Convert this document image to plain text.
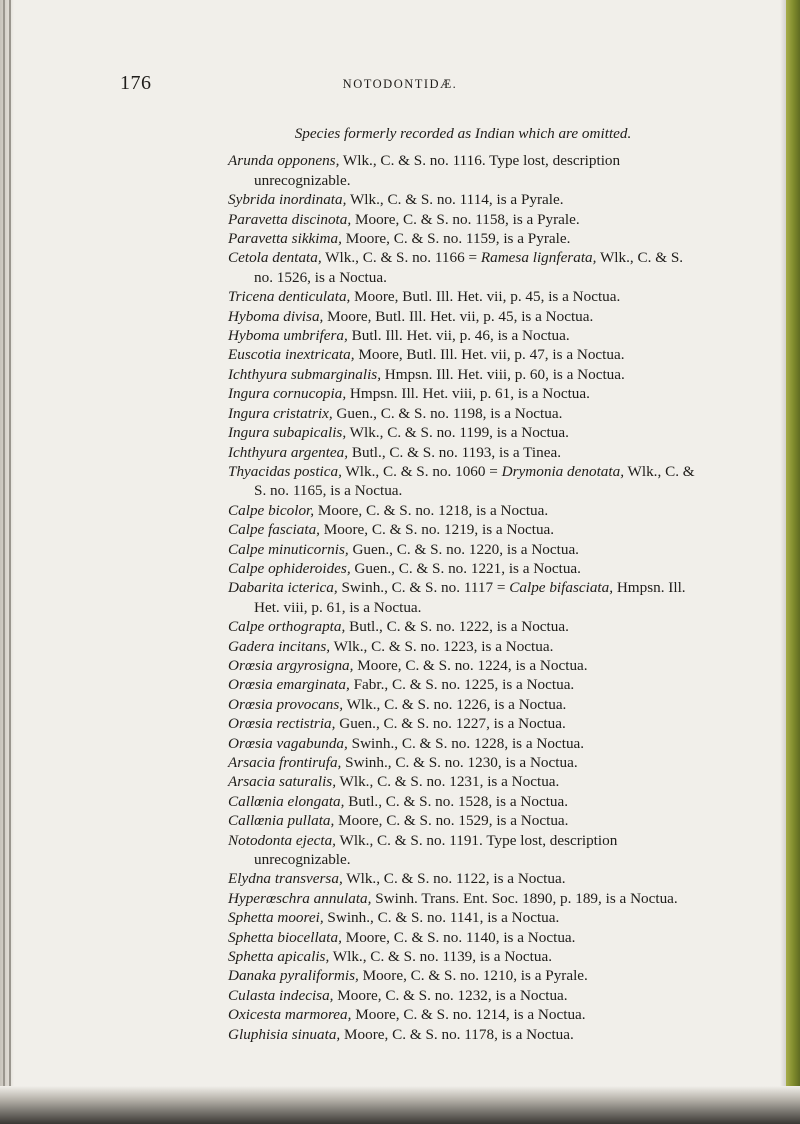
176	NOTODONTIDÆ.

Species formerly recorded as Indian which are omitted.

Arunda opponens, Wlk., C. & S. no. 1116. Type lost, description unrecognizable.

Sybrida inordinata, Wlk., C. & S. no. 1114, is a Pyrale.

Paravetta discinota, Moore, C. & S. no. 1158, is a Pyrale.

Paravetta sikkima, Moore, C. & S. no. 1159, is a Pyrale.

Cetola dentata, Wlk., C. & S. no. 1166 = Ramesa lignferata, Wlk., C. & S. no. 1526, is a Noctua.

Tricena denticulata, Moore, Butl. Ill. Het. vii, p. 45, is a Noctua.

Hyboma divisa, Moore, Butl. Ill. Het. vii, p. 45, is a Noctua.

Hyboma umbrifera, Butl. Ill. Het. vii, p. 46, is a Noctua.

Euscotia inextricata, Moore, Butl. Ill. Het. vii, p. 47, is a Noctua.

Ichthyura submarginalis, Hmpsn. Ill. Het. viii, p. 60, is a Noctua.

Ingura cornucopia, Hmpsn. Ill. Het. viii, p. 61, is a Noctua.

Ingura cristatrix, Guen., C. & S. no. 1198, is a Noctua.

Ingura subapicalis, Wlk., C. & S. no. 1199, is a Noctua.

Ichthyura argentea, Butl., C. & S. no. 1193, is a Tinea.

Thyacidas postica, Wlk., C. & S. no. 1060 = Drymonia denotata, Wlk., C. & S. no. 1165, is a Noctua.

Calpe bicolor, Moore, C. & S. no. 1218, is a Noctua.

Calpe fasciata, Moore, C. & S. no. 1219, is a Noctua.

Calpe minuticornis, Guen., C. & S. no. 1220, is a Noctua.

Calpe ophideroides, Guen., C. & S. no. 1221, is a Noctua.

Dabarita icterica, Swinh., C. & S. no. 1117 = Calpe bifasciata, Hmpsn. Ill. Het. viii, p. 61, is a Noctua.

Calpe orthograpta, Butl., C. & S. no. 1222, is a Noctua.

Gadera incitans, Wlk., C. & S. no. 1223, is a Noctua.

Orœsia argyrosigna, Moore, C. & S. no. 1224, is a Noctua.

Orœsia emarginata, Fabr., C. & S. no. 1225, is a Noctua.

Orœsia provocans, Wlk., C. & S. no. 1226, is a Noctua.

Orœsia rectistria, Guen., C. & S. no. 1227, is a Noctua.

Orœsia vagabunda, Swinh., C. & S. no. 1228, is a Noctua.

Arsacia frontirufa, Swinh., C. & S. no. 1230, is a Noctua.

Arsacia saturalis, Wlk., C. & S. no. 1231, is a Noctua.

Callœnia elongata, Butl., C. & S. no. 1528, is a Noctua.

Callœnia pullata, Moore, C. & S. no. 1529, is a Noctua.

Notodonta ejecta, Wlk., C. & S. no. 1191. Type lost, description unrecognizable.

Elydna transversa, Wlk., C. & S. no. 1122, is a Noctua.

Hyperœschra annulata, Swinh. Trans. Ent. Soc. 1890, p. 189, is a Noctua.

Sphetta moorei, Swinh., C. & S. no. 1141, is a Noctua.

Sphetta biocellata, Moore, C. & S. no. 1140, is a Noctua.

Sphetta apicalis, Wlk., C. & S. no. 1139, is a Noctua.

Danaka pyraliformis, Moore, C. & S. no. 1210, is a Pyrale.

Culasta indecisa, Moore, C. & S. no. 1232, is a Noctua.

Oxicesta marmorea, Moore, C. & S. no. 1214, is a Noctua.

Gluphisia sinuata, Moore, C. & S. no. 1178, is a Noctua.
